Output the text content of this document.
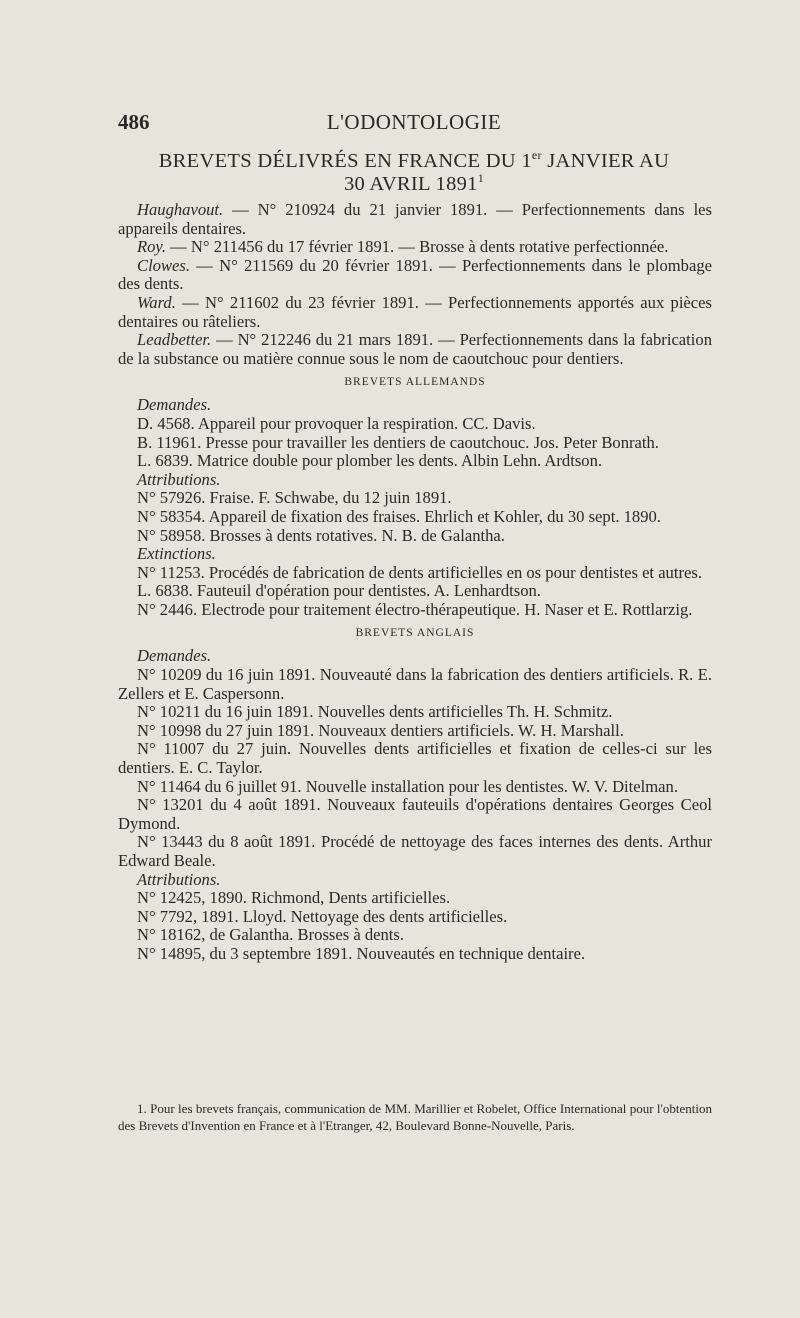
486	L'ODONTOLOGIE
BREVETS DÉLIVRÉS EN FRANCE DU 1er JANVIER AU
30 AVRIL 1891$^1$

Haughavout. — N° 210924 du 21 janvier 1891. — Perfectionnements dans les appareils dentaires.

Roy. — N° 211456 du 17 février 1891. — Brosse à dents rotative perfectionnée.

Clowes. — N° 211569 du 20 février 1891. — Perfectionnements dans le plombage des dents.

Ward. — N° 211602 du 23 février 1891. — Perfectionnements apportés aux pièces dentaires ou râteliers.

Leadbetter. — N° 212246 du 21 mars 1891. — Perfectionnements dans la fabrication de la substance ou matière connue sous le nom de caoutchouc pour dentiers.

BREVETS ALLEMANDS

Demandes.

D. 4568. Appareil pour provoquer la respiration. CC. Davis.

B. 11961. Presse pour travailler les dentiers de caoutchouc. Jos. Peter Bonrath.

L. 6839. Matrice double pour plomber les dents. Albin Lehn. Ardtson.

Attributions.

N° 57926. Fraise. F. Schwabe, du 12 juin 1891.

N° 58354. Appareil de fixation des fraises. Ehrlich et Kohler, du 30 sept. 1890.

N° 58958. Brosses à dents rotatives. N. B. de Galantha.

Extinctions.

N° 11253. Procédés de fabrication de dents artificielles en os pour dentistes et autres.

L. 6838. Fauteuil d'opération pour dentistes. A. Lenhardtson.

N° 2446. Electrode pour traitement électro-thérapeutique. H. Naser et E. Rottlarzig.

BREVETS ANGLAIS

Demandes.

N° 10209 du 16 juin 1891. Nouveauté dans la fabrication des dentiers artificiels. R. E. Zellers et E. Caspersonn.

N° 10211 du 16 juin 1891. Nouvelles dents artificielles Th. H. Schmitz.

N° 10998 du 27 juin 1891. Nouveaux dentiers artificiels. W. H. Marshall.

N° 11007 du 27 juin. Nouvelles dents artificielles et fixation de celles-ci sur les dentiers. E. C. Taylor.

N° 11464 du 6 juillet 91. Nouvelle installation pour les dentistes. W. V. Ditelman.

N° 13201 du 4 août 1891. Nouveaux fauteuils d'opérations dentaires Georges Ceol Dymond.

N° 13443 du 8 août 1891. Procédé de nettoyage des faces internes des dents. Arthur Edward Beale.

Attributions.

N° 12425, 1890. Richmond, Dents artificielles.

N° 7792, 1891. Lloyd. Nettoyage des dents artificielles.

N° 18162, de Galantha. Brosses à dents.

N° 14895, du 3 septembre 1891. Nouveautés en technique dentaire.

1. Pour les brevets français, communication de MM. Marillier et Robelet, Office International pour l'obtention des Brevets d'Invention en France et à l'Etranger, 42, Boulevard Bonne-Nouvelle, Paris.
